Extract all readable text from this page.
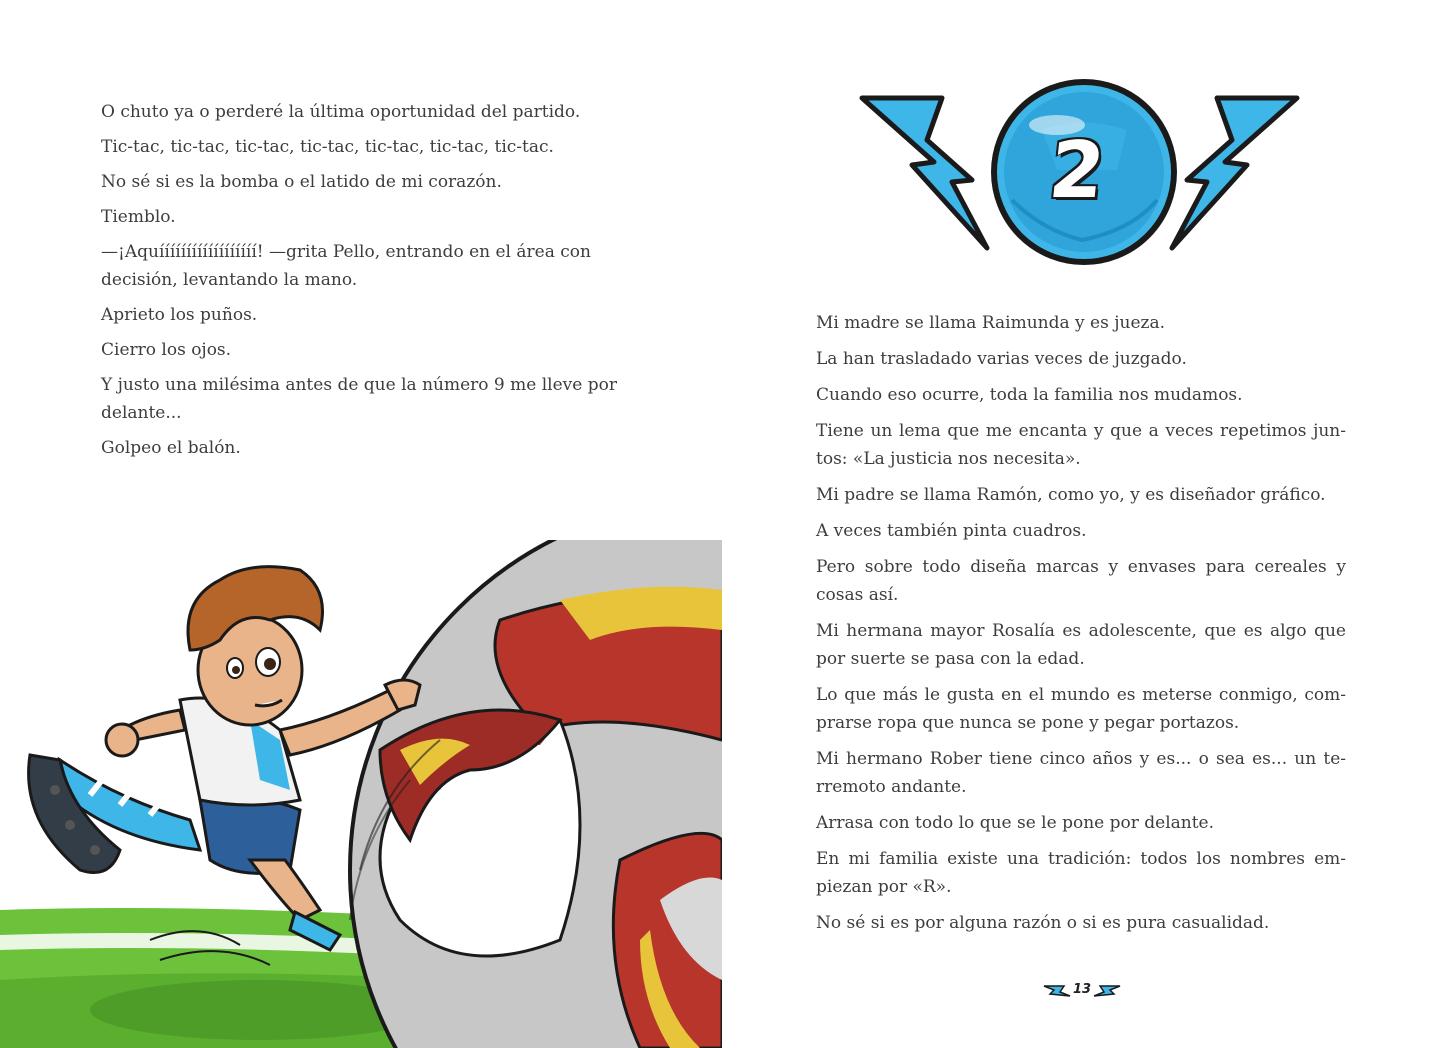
O chuto ya o perderé la última oportunidad del partido.

Tic-tac, tic-tac, tic-tac, tic-tac, tic-tac, tic-tac, tic-tac.

No sé si es la bomba o el latido de mi corazón.

Tiemblo.

—¡Aquíííííííííííííííííí! —grita Pello, entrando en el área con decisión, levantando la mano.

Aprieto los puños.

Cierro los ojos.

Y justo una milésima antes de que la número 9 me lleve por delante...

Golpeo el balón.

2

Mi madre se llama Raimunda y es jueza.

La han trasladado varias veces de juzgado.

Cuando eso ocurre, toda la familia nos mudamos.

Tiene un lema que me encanta y que a veces repetimos jun-tos: «La justicia nos necesita».

Mi padre se llama Ramón, como yo, y es diseñador gráfico.

A veces también pinta cuadros.

Pero sobre todo diseña marcas y envases para cereales y cosas así.

Mi hermana mayor Rosalía es adolescente, que es algo que por suerte se pasa con la edad.

Lo que más le gusta en el mundo es meterse conmigo, com-prarse ropa que nunca se pone y pegar portazos.

Mi hermano Rober tiene cinco años y es... o sea es... un te-rremoto andante.

Arrasa con todo lo que se le pone por delante.

En mi familia existe una tradición: todos los nombres em-piezan por «R».

No sé si es por alguna razón o si es pura casualidad.

13
